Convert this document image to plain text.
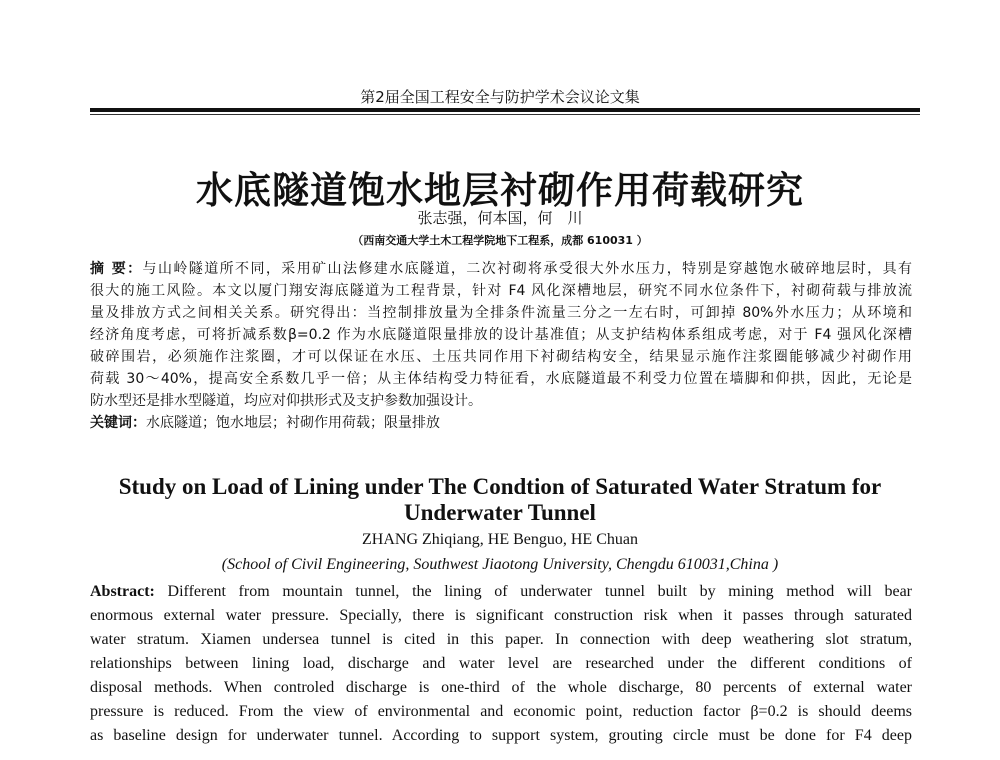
第2届全国工程安全与防护学术会议论文集
水底隧道饱水地层衬砌作用荷载研究
张志强，何本国，何　川
（西南交通大学土木工程学院地下工程系，成都 610031 ）
摘 要：与山岭隧道所不同，采用矿山法修建水底隧道，二次衬砌将承受很大外水压力，特别是穿越饱水破碎地层时，具有
很大的施工风险。本文以厦门翔安海底隧道为工程背景，针对 F4 风化深槽地层，研究不同水位条件下，衬砌荷载与排放流
量及排放方式之间相关关系。研究得出：当控制排放量为全排条件流量三分之一左右时，可卸掉 80%外水压力；从环境和
经济角度考虑，可将折减系数β=0.2 作为水底隧道限量排放的设计基准值；从支护结构体系组成考虑，对于 F4 强风化深槽
破碎围岩，必须施作注浆圈，才可以保证在水压、土压共同作用下衬砌结构安全，结果显示施作注浆圈能够减少衬砌作用
荷载 30～40%，提高安全系数几乎一倍；从主体结构受力特征看，水底隧道最不利受力位置在墙脚和仰拱，因此，无论是
防水型还是排水型隧道，均应对仰拱形式及支护参数加强设计。
关键词：水底隧道；饱水地层；衬砌作用荷载；限量排放
Study on Load of Lining under The Condtion of Saturated Water Stratum for
Underwater Tunnel
ZHANG Zhiqiang, HE Benguo, HE Chuan
(School of Civil Engineering, Southwest Jiaotong University, Chengdu 610031,China )
Abstract: Different from mountain tunnel, the lining of underwater tunnel built by mining method will bear
enormous external water pressure. Specially, there is significant construction risk when it passes through saturated
water stratum. Xiamen undersea tunnel is cited in this paper. In connection with deep weathering slot stratum,
relationships between lining load, discharge and water level are researched under the different conditions of
disposal methods. When controled discharge is one-third of the whole discharge, 80 percents of external water
pressure is reduced. From the view of environmental and economic point, reduction factor β=0.2 is should deems
as baseline design for underwater tunnel. According to support system, grouting circle must be done for F4 deep
